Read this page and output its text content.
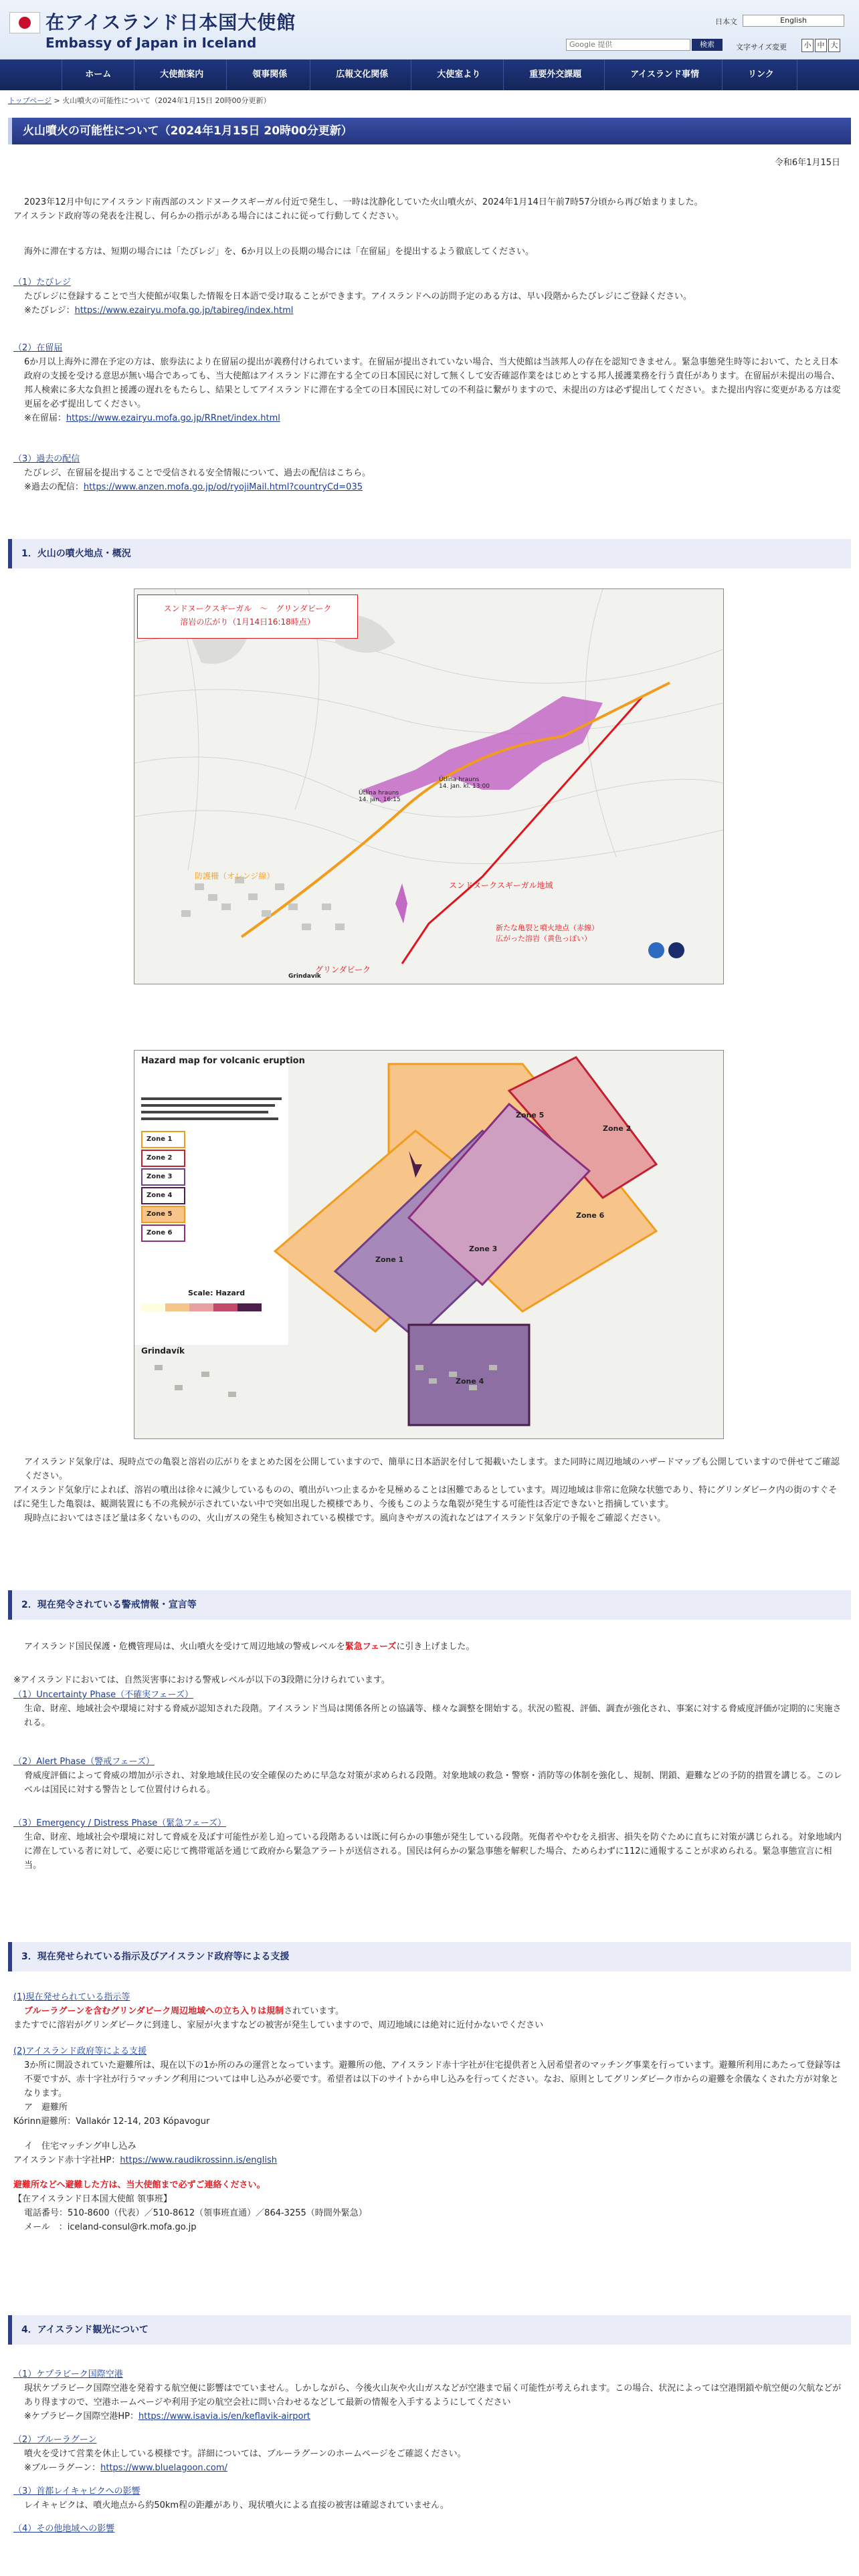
在アイスランド日本国大使館
Embassy of Japan in Iceland
日本文	English
Google 提供	検索	文字サイズ変更	小 中 大
ホーム	大使館案内	領事関係	広報文化関係	大使室より	重要外交課題	アイスランド事情	リンク
トップページ > 火山噴火の可能性について（2024年1月15日 20時00分更新）
火山噴火の可能性について（2024年1月15日 20時00分更新）
令和6年1月15日
2023年12月中旬にアイスランド南西部のスンドヌークスギーガル付近で発生し、一時は沈静化していた火山噴火が、2024年1月14日午前7時57分頃から再び始まりました。
アイスランド政府等の発表を注視し、何らかの指示がある場合にはこれに従って行動してください。
海外に滞在する方は、短期の場合には「たびレジ」を、6か月以上の長期の場合には「在留届」を提出するよう徹底してください。
（1）たびレジ
たびレジに登録することで当大使館が収集した情報を日本語で受け取ることができます。アイスランドへの訪問予定のある方は、早い段階からたびレジにご登録ください。
※たびレジ：https://www.ezairyu.mofa.go.jp/tabireg/index.html
（2）在留届
6か月以上海外に滞在予定の方は、旅券法により在留届の提出が義務付けられています。在留届が提出されていない場合、当大使館は当該邦人の存在を認知できません。緊急事態発生時等において、たとえ日本政府の支援を受ける意思が無い場合であっても、当大使館はアイスランドに滞在する全ての日本国民に対して無くして安否確認作業をはじめとする邦人援護業務を行う責任があります。在留届が未提出の場合、邦人検索に多大な負担と援護の遅れをもたらし、結果としてアイスランドに滞在する全ての日本国民に対しての不利益に繋がりますので、未提出の方は必ず提出してください。また提出内容に変更がある方は変更届を必ず提出してください。
※在留届：https://www.ezairyu.mofa.go.jp/RRnet/index.html
（3）過去の配信
たびレジ、在留届を提出することで受信される安全情報について、過去の配信はこちら。
※過去の配信：https://www.anzen.mofa.go.jp/od/ryojiMail.html?countryCd=035
1．火山の噴火地点・概況
スンドヌークスギーガル　～　グリンダビーク
溶岩の広がり（1月14日16:18時点）
Útlína hrauns
14. jan. 16:15
Útlína hrauns
14. jan. kl. 13:00
防護柵（オレンジ線）
スンドヌークスギーガル地域
新たな亀裂と噴火地点（赤線）
広がった溶岩（黄色っぽい）
グリンダビーク
Grindavík
Hazard map for volcanic eruption
Zone 1
Zone 2
Zone 3
Zone 4
Zone 5
Zone 6
Scale: Hazard
Grindavík
Zone 1
Zone 2
Zone 3
Zone 4
Zone 5
Zone 6
アイスランド気象庁は、現時点での亀裂と溶岩の広がりをまとめた図を公開していますので、簡単に日本語訳を付して掲載いたします。また同時に周辺地域のハザードマップも公開していますので併せてご確認ください。
アイスランド気象庁によれば、溶岩の噴出は徐々に減少しているものの、噴出がいつ止まるかを見極めることは困難であるとしています。周辺地域は非常に危険な状態であり、特にグリンダビーク内の街のすぐそばに発生した亀裂は、観測装置にも不の兆候が示されていない中で突如出現した模様であり、今後もこのような亀裂が発生する可能性は否定できないと指摘しています。
現時点においてはさほど量は多くないものの、火山ガスの発生も検知されている模様です。風向きやガスの流れなどはアイスランド気象庁の予報をご確認ください。
2．現在発令されている警戒情報・宣言等
アイスランド国民保護・危機管理局は、火山噴火を受けて周辺地域の警戒レベルを緊急フェーズに引き上げました。
※アイスランドにおいては、自然災害事における警戒レベルが以下の3段階に分けられています。
（1）Uncertainty Phase（不確実フェーズ）
生命、財産、地域社会や環境に対する脅威が認知された段階。アイスランド当局は関係各所との協議等、様々な調整を開始する。状況の監視、評価、調査が強化され、事案に対する脅威度評価が定期的に実施される。
（2）Alert Phase（警戒フェーズ）
脅威度評価によって脅威の増加が示され、対象地域住民の安全確保のために早急な対策が求められる段階。対象地域の救急・警察・消防等の体制を強化し、規制、閉鎖、避難などの予防的措置を講じる。このレベルは国民に対する警告として位置付けられる。
（3）Emergency / Distress Phase（緊急フェーズ）
生命、財産、地域社会や環境に対して脅威を及ぼす可能性が差し迫っている段階あるいは既に何らかの事態が発生している段階。死傷者ややむをえ損害、損失を防ぐために直ちに対策が講じられる。対象地域内に滞在している者に対して、必要に応じて携帯電話を通じて政府から緊急アラートが送信される。国民は何らかの緊急事態を解釈した場合、ためらわずに112に通報することが求められる。緊急事態宣言に相当。
3．現在発せられている指示及びアイスランド政府等による支援
(1)現在発せられている指示等
ブルーラグーンを含むグリンダビーク周辺地域への立ち入りは規制されています。
またすでに溶岩がグリンダビークに到達し、家屋が火ますなどの被害が発生していますので、周辺地域には絶対に近付かないでください
(2)アイスランド政府等による支援
3か所に開設されていた避難所は、現在以下の1か所のみの運営となっています。避難所の他、アイスランド赤十字社が住宅提供者と入居希望者のマッチング事業を行っています。避難所利用にあたって登録等は不要ですが、赤十字社が行うマッチング利用については申し込みが必要です。希望者は以下のサイトから申し込みを行ってください。なお、原則としてグリンダビーク市からの避難を余儀なくされた方が対象となります。
ア　避難所
Kórinn避難所：Vallakór 12-14, 203 Kópavogur
イ　住宅マッチング申し込み
アイスランド赤十字社HP：https://www.raudikrossinn.is/english
避難所などへ避難した方は、当大使館まで必ずご連絡ください。
【在アイスランド日本国大使館 領事班】
電話番号：510-8600（代表）／510-8612（領事班直通）／864-3255（時間外緊急）
メール　：iceland-consul@rk.mofa.go.jp
4．アイスランド観光について
（1）ケプラビーク国際空港
現状ケプラビーク国際空港を発着する航空便に影響はでていません。しかしながら、今後火山灰や火山ガスなどが空港まで届く可能性が考えられます。この場合、状況によっては空港閉鎖や航空便の欠航などがあり得ますので、空港ホームページや利用予定の航空会社に問い合わせるなどして最新の情報を入手するようにしてください
※ケプラビーク国際空港HP：https://www.isavia.is/en/keflavik-airport
（2）ブルーラグーン
噴火を受けて営業を休止している模様です。詳細については、ブルーラグーンのホームページをご確認ください。
※ブルーラグーン：https://www.bluelagoon.com/
（3）首都レイキャビクへの影響
レイキャビクは、噴火地点から約50km程の距離があり、現状噴火による直接の被害は確認されていません。
（4）その他地域への影響
